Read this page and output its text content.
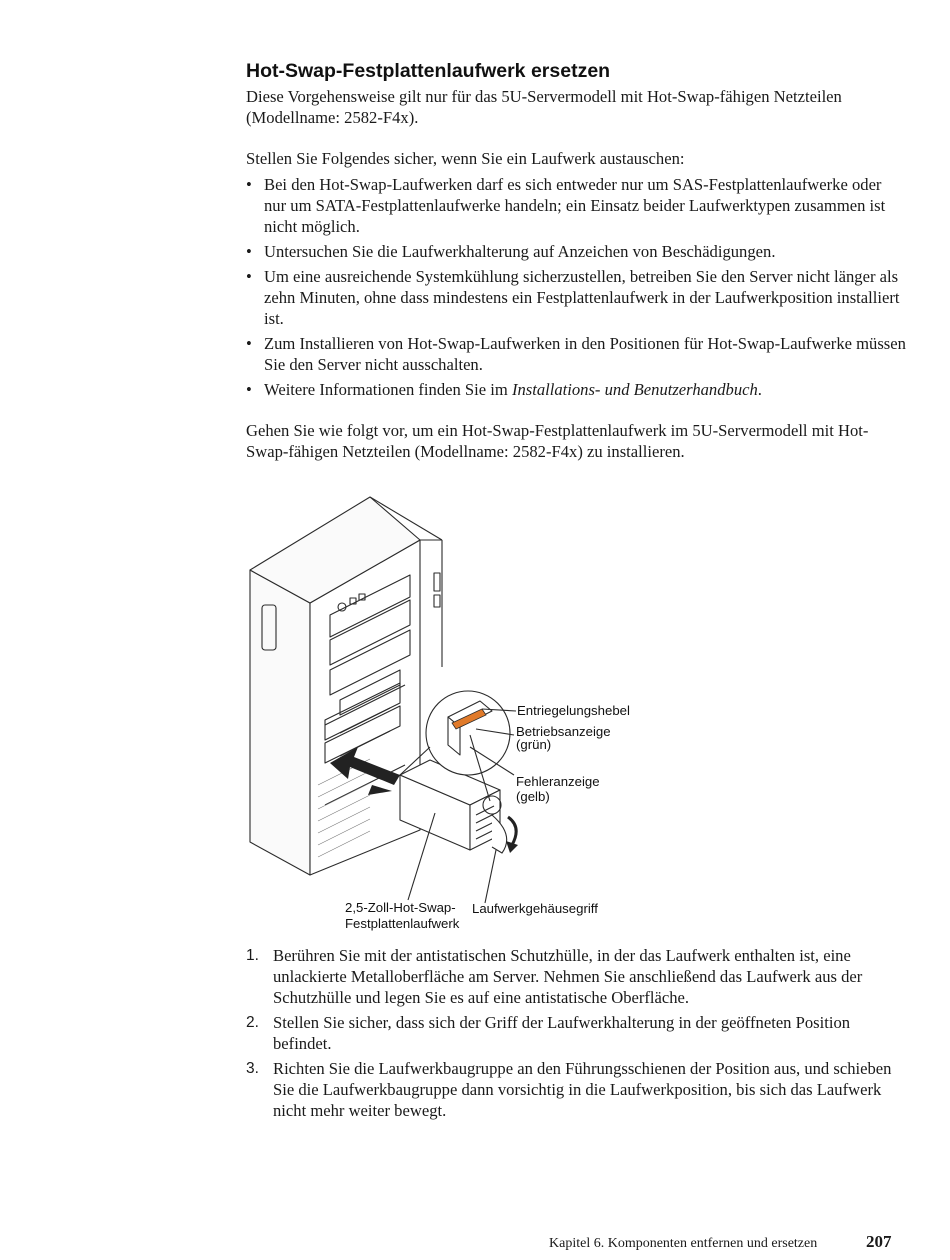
Hot-Swap-Festplattenlaufwerk ersetzen

Diese Vorgehensweise gilt nur für das 5U-Servermodell mit Hot-Swap-fähigen Netzteilen (Modellname: 2582-F4x).

Stellen Sie Folgendes sicher, wenn Sie ein Laufwerk austauschen:

• Bei den Hot-Swap-Laufwerken darf es sich entweder nur um SAS-Festplattenlaufwerke oder nur um SATA-Festplattenlaufwerke handeln; ein Einsatz beider Laufwerktypen zusammen ist nicht möglich.
• Untersuchen Sie die Laufwerkhalterung auf Anzeichen von Beschädigungen.
• Um eine ausreichende Systemkühlung sicherzustellen, betreiben Sie den Server nicht länger als zehn Minuten, ohne dass mindestens ein Festplattenlaufwerk in der Laufwerkposition installiert ist.
• Zum Installieren von Hot-Swap-Laufwerken in den Positionen für Hot-Swap-Laufwerke müssen Sie den Server nicht ausschalten.
• Weitere Informationen finden Sie im Installations- und Benutzerhandbuch.

Gehen Sie wie folgt vor, um ein Hot-Swap-Festplattenlaufwerk im 5U-Servermodell mit Hot-Swap-fähigen Netzteilen (Modellname: 2582-F4x) zu installieren.

Entriegelungshebel
Betriebsanzeige
(grün)
Fehleranzeige
(gelb)
2,5-Zoll-Hot-Swap-
Festplattenlaufwerk
Laufwerkgehäusegriff
1. Berühren Sie mit der antistatischen Schutzhülle, in der das Laufwerk enthalten ist, eine unlackierte Metalloberfläche am Server. Nehmen Sie anschließend das Laufwerk aus der Schutzhülle und legen Sie es auf eine antistatische Oberfläche.
2. Stellen Sie sicher, dass sich der Griff der Laufwerkhalterung in der geöffneten Position befindet.
3. Richten Sie die Laufwerkbaugruppe an den Führungsschienen der Position aus, und schieben Sie die Laufwerkbaugruppe dann vorsichtig in die Laufwerkposition, bis sich das Laufwerk nicht mehr weiter bewegt.

Kapitel 6. Komponenten entfernen und ersetzen	207
